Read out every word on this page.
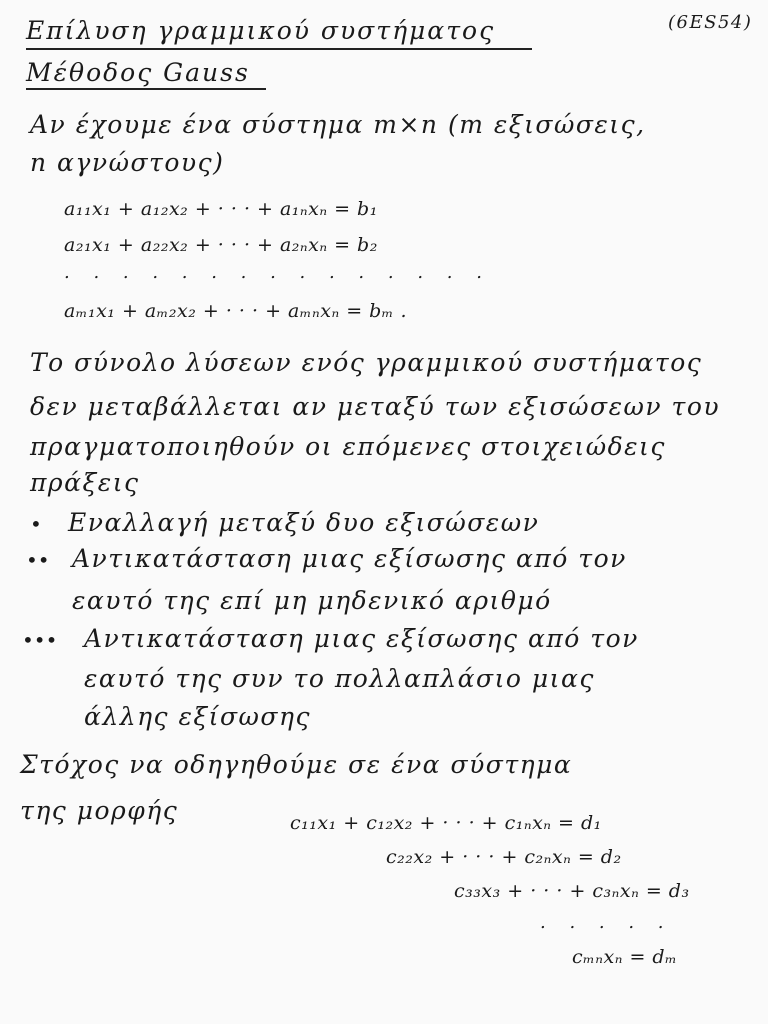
Επίλυση γραμμικού συστήματος
Μέθοδος Gauss
(6ES54)
Αν έχουμε ένα σύστημα m×n (m εξισώσεις,
n αγνώστους)
a₁₁x₁ + a₁₂x₂ + · · · + a₁ₙxₙ = b₁
a₂₁x₁ + a₂₂x₂ + · · · + a₂ₙxₙ = b₂
. . . . . . . . . . . . . . .
aₘ₁x₁ + aₘ₂x₂ + · · · + aₘₙxₙ = bₘ .
Το σύνολο λύσεων ενός γραμμικού συστήματος
δεν μεταβάλλεται αν μεταξύ των εξισώσεων του
πραγματοποιηθούν οι επόμενες στοιχειώδεις
πράξεις
• Εναλλαγή μεταξύ δυο εξισώσεων
•• Αντικατάσταση μιας εξίσωσης από τον
εαυτό της επί μη μηδενικό αριθμό
••• Αντικατάσταση μιας εξίσωσης από τον
εαυτό της συν το πολλαπλάσιο μιας
άλλης εξίσωσης
Στόχος να οδηγηθούμε σε ένα σύστημα
της μορφής	c₁₁x₁ + c₁₂x₂ + · · · + c₁ₙxₙ = d₁
c₂₂x₂ + · · · + c₂ₙxₙ = d₂
c₃₃x₃ + · · · + c₃ₙxₙ = d₃
. . . . .
cₘₙxₙ = dₘ
